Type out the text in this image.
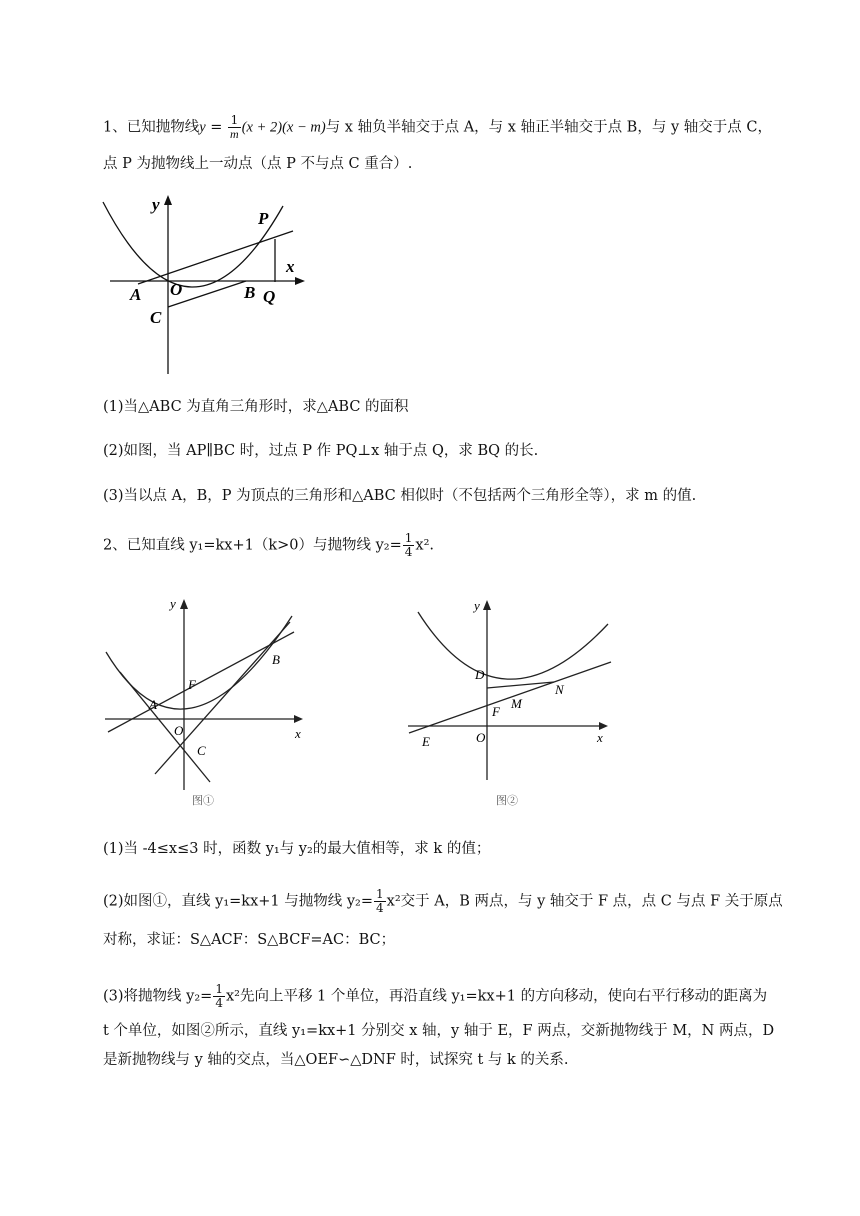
1、已知抛物线$y = \frac{1}{m} (x + 2)(x - m)$与 x 轴负半轴交于点 A，与 x 轴正半轴交于点 B，与 y 轴交于点 C，
点 P 为抛物线上一动点（点 P 不与点 C 重合）.
y
x
P
A O	B Q
C
(1)当△ABC 为直角三角形时，求△ABC 的面积
(2)如图，当 AP∥BC 时，过点 P 作 PQ⊥x 轴于点 Q，求 BQ 的长.
(3)当以点 A，B，P 为顶点的三角形和△ABC 相似时（不包括两个三角形全等），求 m 的值.
2、已知直线 y₁=kx+1（k>0）与抛物线 $y_2= \frac{1}{4} x^2$.
y
x
A
B
F
O
C
图①
y
x
D
N
M
F
E	O
图②
(1)当 -4≤x≤3 时，函数 y₁与 y₂的最大值相等，求 k 的值；
(2)如图①，直线 y₁=kx+1 与抛物线 $y_2= \frac{1}{4} x^2$交于 A，B 两点，与 y 轴交于 F 点，点 C 与点 F 关于原点
对称，求证：S△ACF：S△BCF=AC：BC；
(3)将抛物线 $y_2= \frac{1}{4} x^2$先向上平移 1 个单位，再沿直线 y₁=kx+1 的方向移动，使向右平行移动的距离为
t 个单位，如图②所示，直线 y₁=kx+1 分别交 x 轴，y 轴于 E，F 两点，交新抛物线于 M，N 两点，D
是新抛物线与 y 轴的交点，当△OEF∽△DNF 时，试探究 t 与 k 的关系.
